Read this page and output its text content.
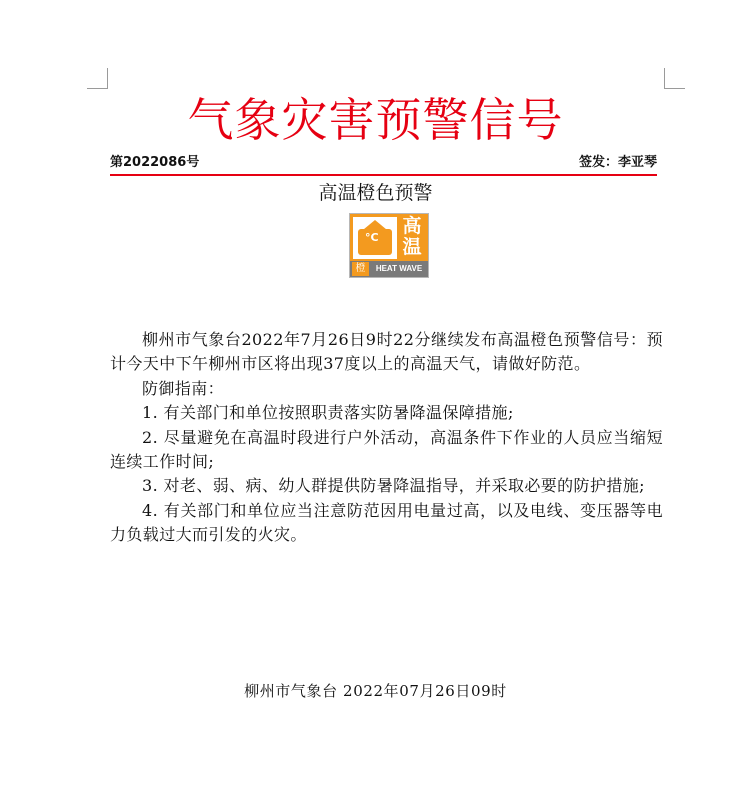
气象灾害预警信号
第2022086号	签发：李亚琴
高温橙色预警
°C
高温
橙	HEAT WAVE

柳州市气象台2022年7月26日9时22分继续发布高温橙色预警信号：预计今天中下午柳州市区将出现37度以上的高温天气，请做好防范。

防御指南：

1. 有关部门和单位按照职责落实防暑降温保障措施;

2. 尽量避免在高温时段进行户外活动，高温条件下作业的人员应当缩短连续工作时间;

3. 对老、弱、病、幼人群提供防暑降温指导，并采取必要的防护措施;

4. 有关部门和单位应当注意防范因用电量过高，以及电线、变压器等电力负载过大而引发的火灾。

柳州市气象台 2022年07月26日09时
